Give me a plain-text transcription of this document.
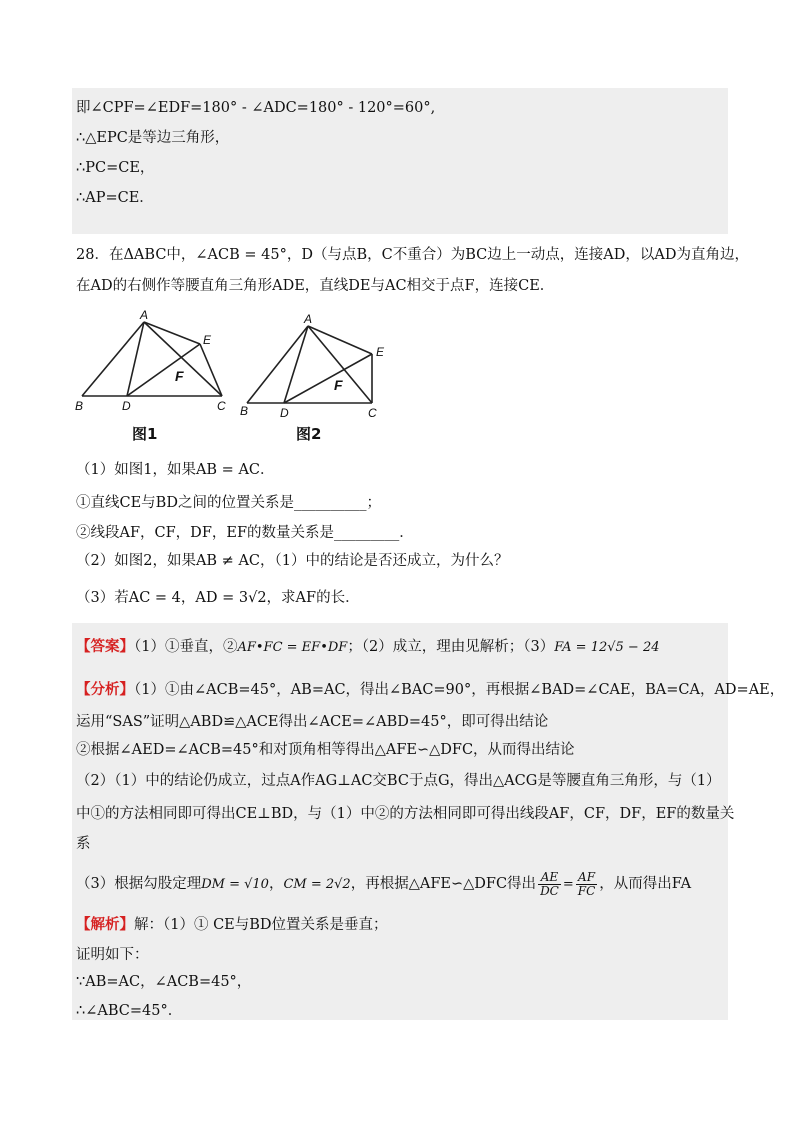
即∠CPF=∠EDF=180° - ∠ADC=180° - 120°=60°,
∴△EPC是等边三角形，
∴PC=CE，
∴AP=CE．
28．在ΔABC中，∠ACB = 45°，D（与点B，C不重合）为BC边上一动点，连接AD，以AD为直角边，
在AD的右侧作等腰直角三角形ADE，直线DE与AC相交于点F，连接CE．
A
E
F
B	D	C
A
E
F
B	D	C
图1	图2
（1）如图1，如果AB = AC．
①直线CE与BD之间的位置关系是__________；
②线段AF，CF，DF，EF的数量关系是_________．
（2）如图2，如果AB ≠ AC，（1）中的结论是否还成立，为什么？
（3）若AC = 4，AD = 3√2，求AF的长．
【答案】（1）①垂直，②AF•FC = EF•DF；（2）成立，理由见解析；（3）FA = 12√5 − 24
【分析】（1）①由∠ACB=45°，AB=AC，得出∠BAC=90°，再根据∠BAD=∠CAE，BA=CA，AD=AE，
运用“SAS”证明△ABD≌△ACE得出∠ACE=∠ABD=45°，即可得出结论
②根据∠AED=∠ACB=45°和对顶角相等得出△AFE∽△DFC，从而得出结论
（2）（1）中的结论仍成立，过点A作AG⊥AC交BC于点G，得出△ACG是等腰直角三角形，与（1）
中①的方法相同即可得出CE⊥BD，与（1）中②的方法相同即可得出线段AF，CF，DF，EF的数量关
系
（3）根据勾股定理DM = √10，CM = 2√2，再根据△AFE∽△DFC得出 $\frac{AE}{DC} = \frac{AF}{FC}$ ，从而得出FA
【解析】解：（1）① CE与BD位置关系是垂直；
证明如下：
∵AB=AC，∠ACB=45°，
∴∠ABC=45°．
